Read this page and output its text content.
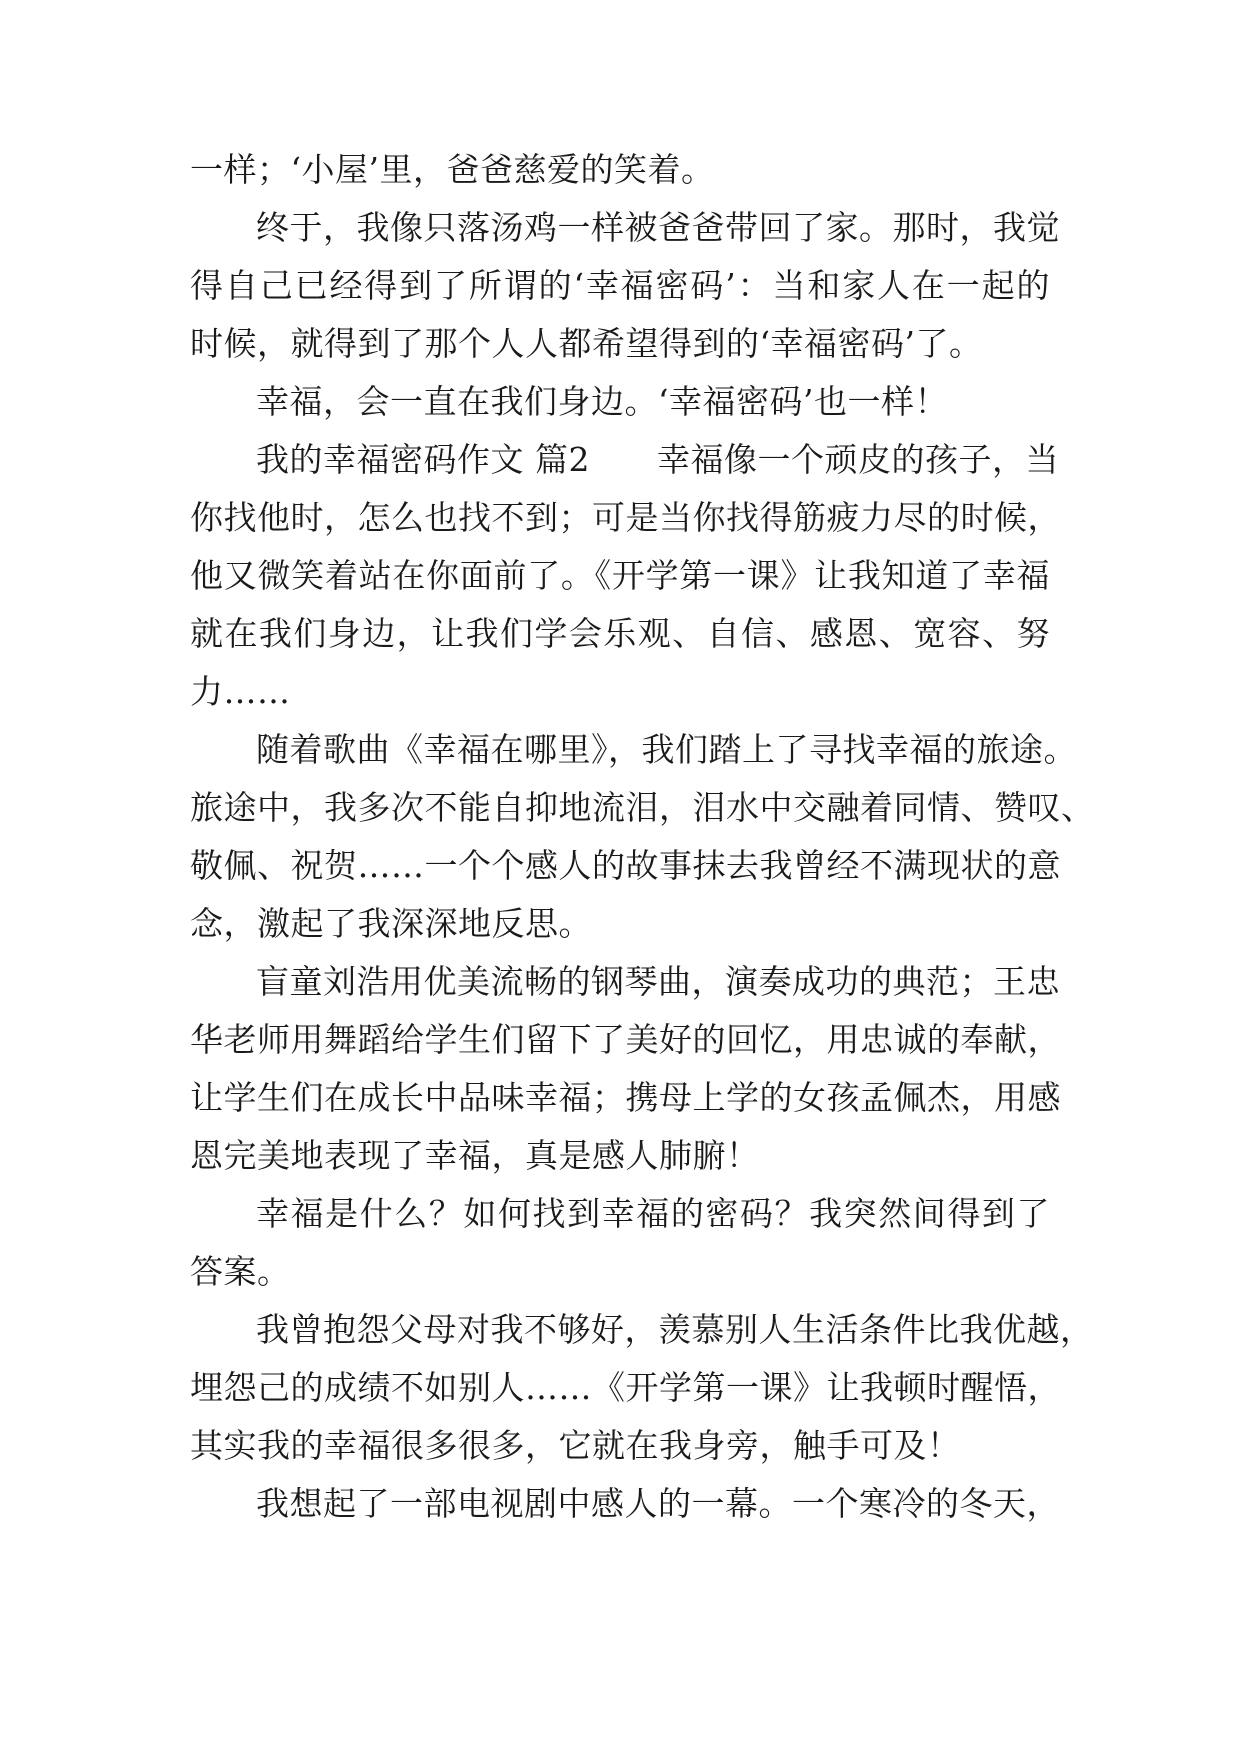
一样；‘小屋’里，爸爸慈爱的笑着。
终于，我像只落汤鸡一样被爸爸带回了家。那时，我觉
得自己已经得到了所谓的‘幸福密码’：当和家人在一起的
时候，就得到了那个人人都希望得到的‘幸福密码’了。
幸福，会一直在我们身边。‘幸福密码’也一样！
我的幸福密码作文 篇2	幸福像一个顽皮的孩子，当
你找他时，怎么也找不到；可是当你找得筋疲力尽的时候，
他又微笑着站在你面前了。《开学第一课》让我知道了幸福
就在我们身边，让我们学会乐观、自信、感恩、宽容、努
力……
随着歌曲《幸福在哪里》，我们踏上了寻找幸福的旅途。
旅途中，我多次不能自抑地流泪，泪水中交融着同情、赞叹、
敬佩、祝贺……一个个感人的故事抹去我曾经不满现状的意
念，激起了我深深地反思。
盲童刘浩用优美流畅的钢琴曲，演奏成功的典范；王忠
华老师用舞蹈给学生们留下了美好的回忆，用忠诚的奉献，
让学生们在成长中品味幸福；携母上学的女孩孟佩杰，用感
恩完美地表现了幸福，真是感人肺腑！
幸福是什么？如何找到幸福的密码？我突然间得到了
答案。
我曾抱怨父母对我不够好，羡慕别人生活条件比我优越，
埋怨己的成绩不如别人……《开学第一课》让我顿时醒悟，
其实我的幸福很多很多，它就在我身旁，触手可及！
我想起了一部电视剧中感人的一幕。一个寒冷的冬天，
